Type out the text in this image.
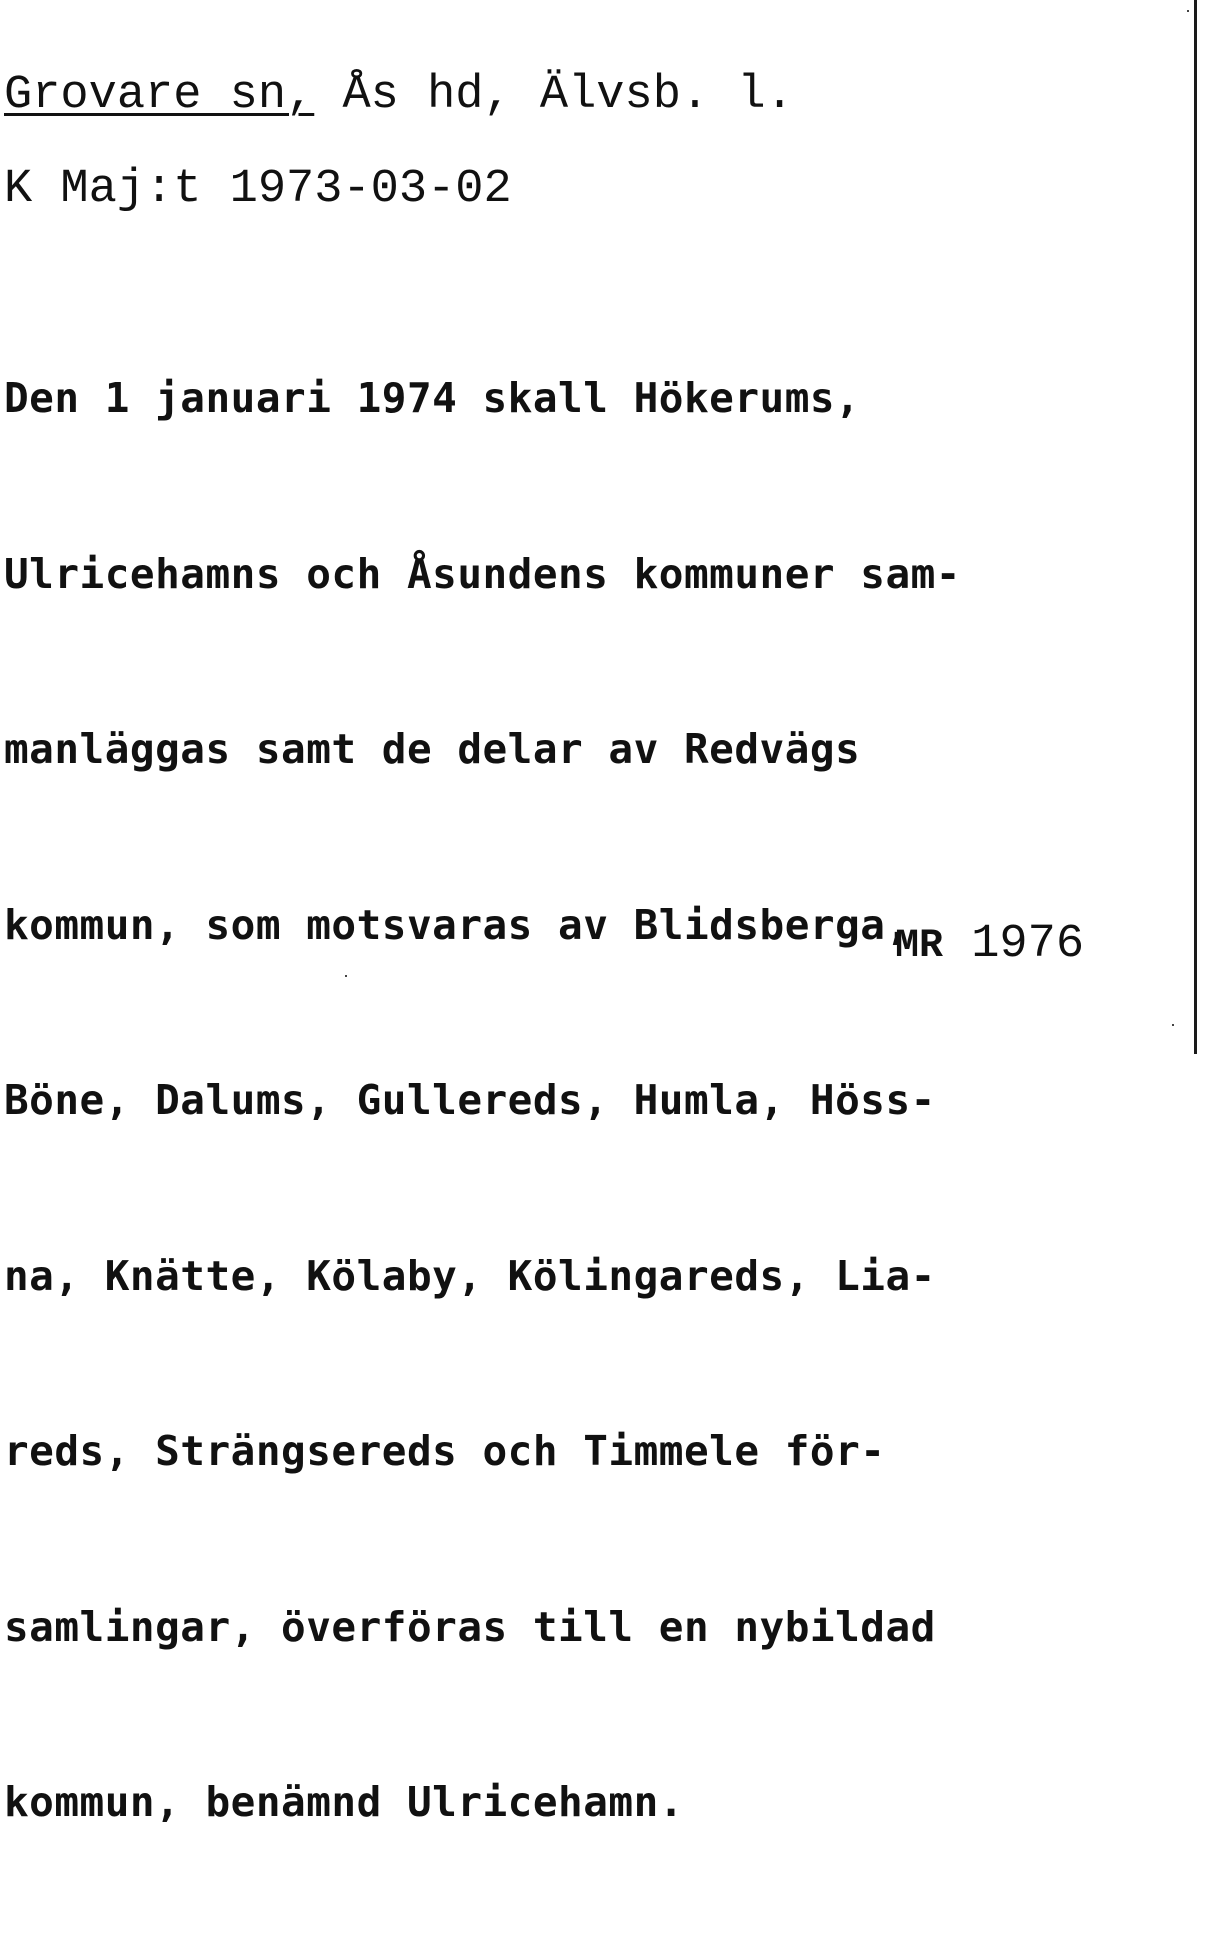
Grovare sn, Ås hd, Älvsb. l.
K Maj:t 1973-03-02

Den 1 januari 1974 skall Hökerums,

Ulricehamns och Åsundens kommuner sam-

manläggas samt de delar av Redvägs

kommun, som motsvaras av Blidsberga,

Böne, Dalums, Gullereds, Humla, Höss-

na, Knätte, Kölaby, Kölingareds, Lia-

reds, Strängsereds och Timmele för-

samlingar, överföras till en nybildad

kommun, benämnd Ulricehamn.

MR 1976
